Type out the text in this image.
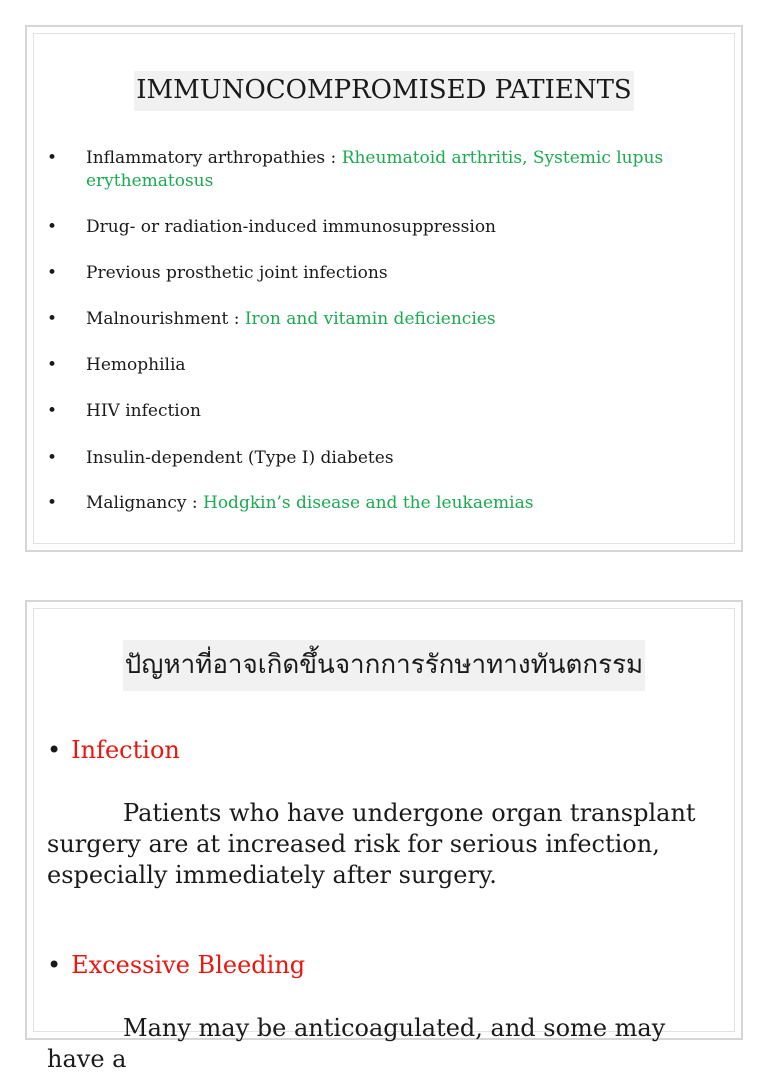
IMMUNOCOMPROMISED PATIENTS
•	Inflammatory arthropathies : Rheumatoid arthritis, Systemic lupus erythematosus
•	Drug- or radiation-induced immunosuppression
•	Previous prosthetic joint infections
•	Malnourishment : Iron and vitamin deficiencies
•	Hemophilia
•	HIV infection
•	Insulin-dependent (Type I) diabetes
•	Malignancy : Hodgkin’s disease and the leukaemias
ปัญหาที่อาจเกิดขึ้นจากการรักษาทางทันตกรรม
• Infection
Patients who have undergone organ transplant surgery are at increased risk for serious infection, especially immediately after surgery.
• Excessive Bleeding
Many may be anticoagulated, and some may have a
